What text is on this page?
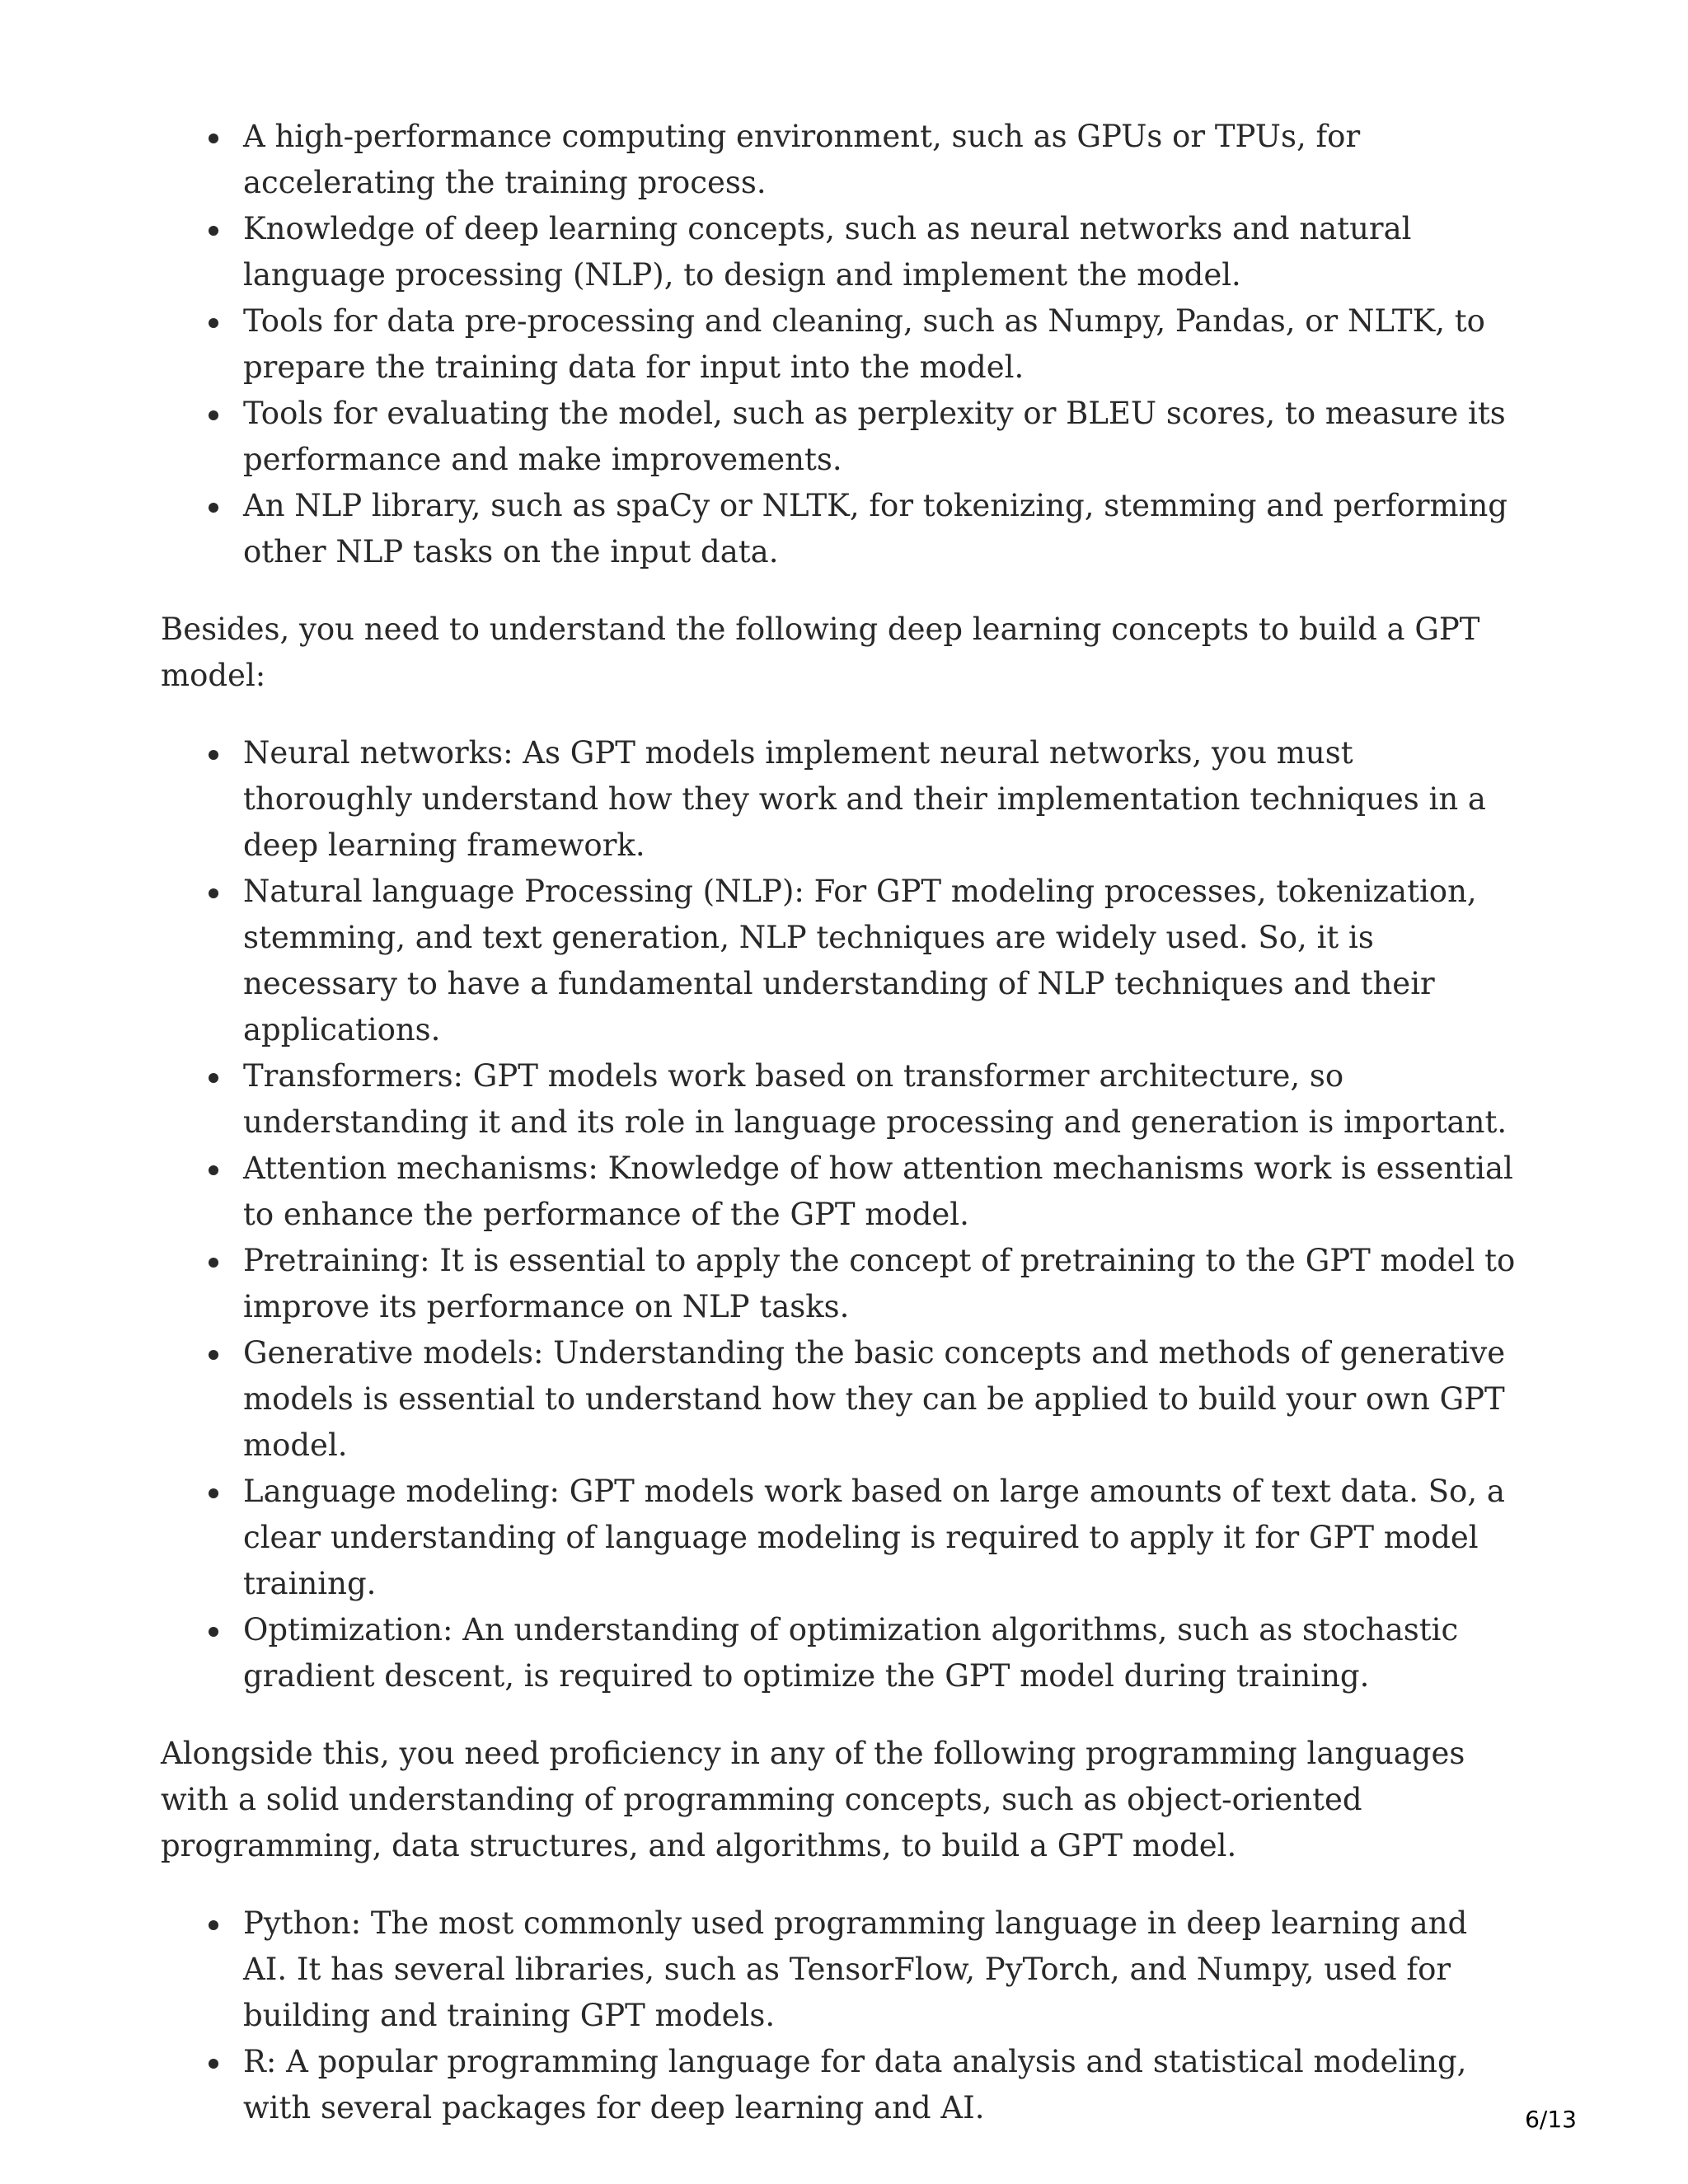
A high-performance computing environment, such as GPUs or TPUs, for accelerating the training process.
Knowledge of deep learning concepts, such as neural networks and natural language processing (NLP), to design and implement the model.
Tools for data pre-processing and cleaning, such as Numpy, Pandas, or NLTK, to prepare the training data for input into the model.
Tools for evaluating the model, such as perplexity or BLEU scores, to measure its performance and make improvements.
An NLP library, such as spaCy or NLTK, for tokenizing, stemming and performing other NLP tasks on the input data.

Besides, you need to understand the following deep learning concepts to build a GPT model:

Neural networks: As GPT models implement neural networks, you must thoroughly understand how they work and their implementation techniques in a deep learning framework.
Natural language Processing (NLP): For GPT modeling processes, tokenization, stemming, and text generation, NLP techniques are widely used. So, it is necessary to have a fundamental understanding of NLP techniques and their applications.
Transformers: GPT models work based on transformer architecture, so understanding it and its role in language processing and generation is important.
Attention mechanisms: Knowledge of how attention mechanisms work is essential to enhance the performance of the GPT model.
Pretraining: It is essential to apply the concept of pretraining to the GPT model to improve its performance on NLP tasks.
Generative models: Understanding the basic concepts and methods of generative models is essential to understand how they can be applied to build your own GPT model.
Language modeling: GPT models work based on large amounts of text data. So, a clear understanding of language modeling is required to apply it for GPT model training.
Optimization: An understanding of optimization algorithms, such as stochastic gradient descent, is required to optimize the GPT model during training.

Alongside this, you need proficiency in any of the following programming languages with a solid understanding of programming concepts, such as object-oriented programming, data structures, and algorithms, to build a GPT model.

Python: The most commonly used programming language in deep learning and AI. It has several libraries, such as TensorFlow, PyTorch, and Numpy, used for building and training GPT models.
R: A popular programming language for data analysis and statistical modeling, with several packages for deep learning and AI.	6/13
